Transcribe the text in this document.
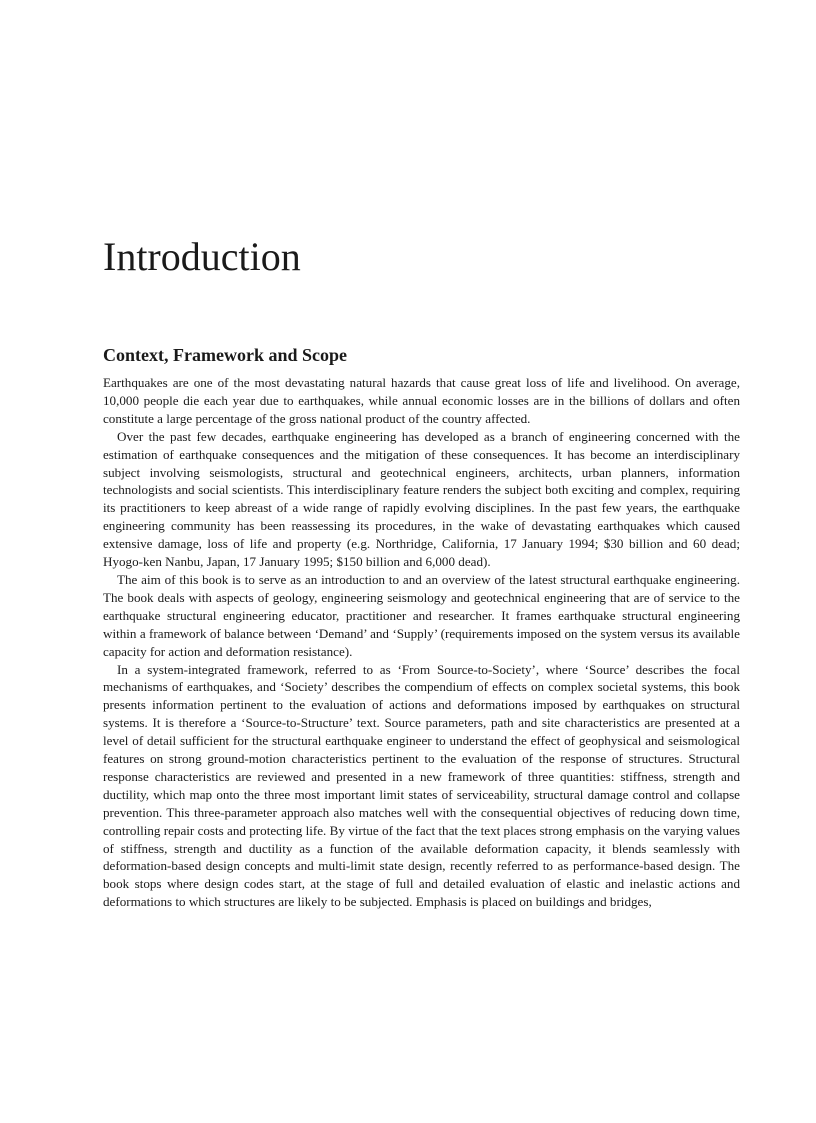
Introduction
Context, Framework and Scope

Earthquakes are one of the most devastating natural hazards that cause great loss of life and livelihood. On average, 10,000 people die each year due to earthquakes, while annual economic losses are in the billions of dollars and often constitute a large percentage of the gross national product of the country affected.

Over the past few decades, earthquake engineering has developed as a branch of engineering concerned with the estimation of earthquake consequences and the mitigation of these consequences. It has become an interdisciplinary subject involving seismologists, structural and geotechnical engineers, architects, urban planners, information technologists and social scientists. This interdisciplinary feature renders the subject both exciting and complex, requiring its practitioners to keep abreast of a wide range of rapidly evolving disciplines. In the past few years, the earthquake engineering community has been reassessing its procedures, in the wake of devastating earthquakes which caused extensive damage, loss of life and property (e.g. Northridge, California, 17 January 1994; $30 billion and 60 dead; Hyogo-ken Nanbu, Japan, 17 January 1995; $150 billion and 6,000 dead).

The aim of this book is to serve as an introduction to and an overview of the latest structural earthquake engineering. The book deals with aspects of geology, engineering seismology and geotechnical engineering that are of service to the earthquake structural engineering educator, practitioner and researcher. It frames earthquake structural engineering within a framework of balance between ‘Demand’ and ‘Supply’ (requirements imposed on the system versus its available capacity for action and deformation resistance).

In a system-integrated framework, referred to as ‘From Source-to-Society’, where ‘Source’ describes the focal mechanisms of earthquakes, and ‘Society’ describes the compendium of effects on complex societal systems, this book presents information pertinent to the evaluation of actions and deformations imposed by earthquakes on structural systems. It is therefore a ‘Source-to-Structure’ text. Source parameters, path and site characteristics are presented at a level of detail sufficient for the structural earthquake engineer to understand the effect of geophysical and seismological features on strong ground-motion characteristics pertinent to the evaluation of the response of structures. Structural response characteristics are reviewed and presented in a new framework of three quantities: stiffness, strength and ductility, which map onto the three most important limit states of serviceability, structural damage control and collapse prevention. This three-parameter approach also matches well with the consequential objectives of reducing down time, controlling repair costs and protecting life. By virtue of the fact that the text places strong emphasis on the varying values of stiffness, strength and ductility as a function of the available deformation capacity, it blends seamlessly with deformation-based design concepts and multi-limit state design, recently referred to as performance-based design. The book stops where design codes start, at the stage of full and detailed evaluation of elastic and inelastic actions and deformations to which structures are likely to be subjected. Emphasis is placed on buildings and bridges,
